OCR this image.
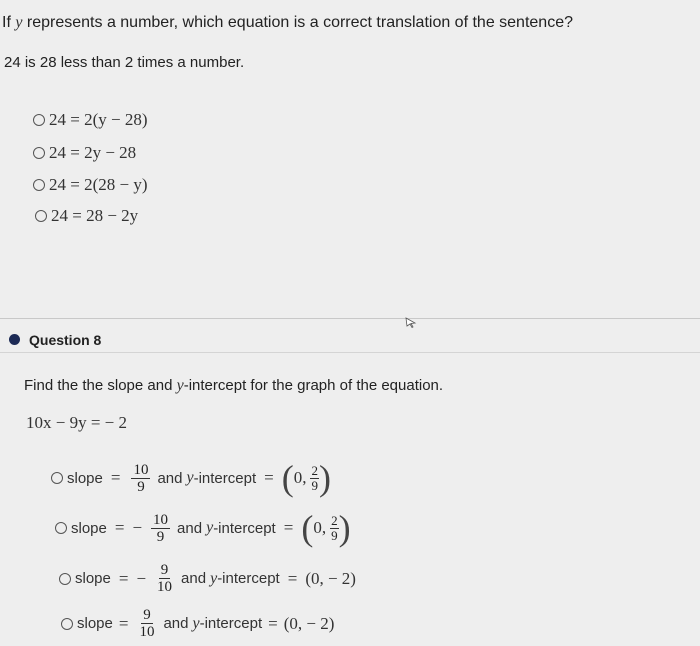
If y represents a number, which equation is a correct translation of the sentence?
24 is 28 less than 2 times a number.
24 = 2(y − 28)
24 = 2y − 28
24 = 2(28 − y)
24 = 28 − 2y
Question 8
Find the the slope and y-intercept for the graph of the equation.
10x − 9y = − 2
slope = $\frac{10}{9}$ and y -intercept = ( 0, $\frac{2}{9}$ )
slope = − $\frac{10}{9}$ and y -intercept = ( 0, $\frac{2}{9}$ )
slope = − $\frac{9}{10}$ and y -intercept = (0, − 2)
slope = $\frac{9}{10}$ and y -intercept = (0, − 2)
